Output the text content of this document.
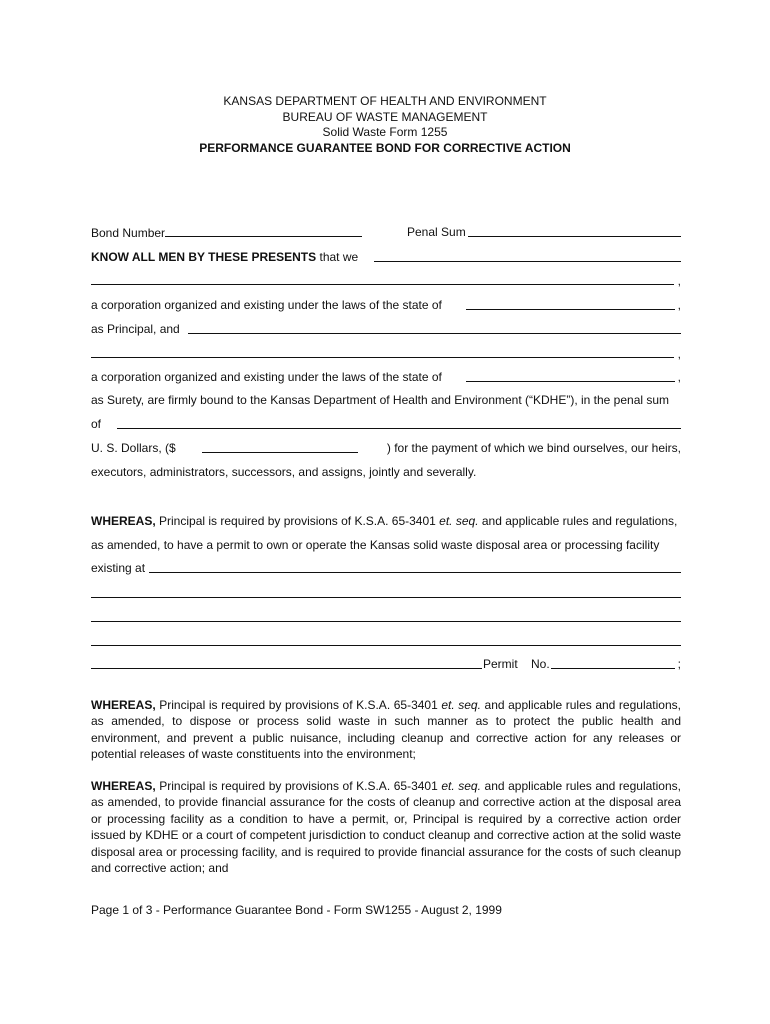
KANSAS DEPARTMENT OF HEALTH AND ENVIRONMENT
BUREAU OF WASTE MANAGEMENT
Solid Waste Form 1255
PERFORMANCE GUARANTEE BOND FOR CORRECTIVE ACTION
Bond Number	Penal Sum
KNOW ALL MEN BY THESE PRESENTS that we
,
a corporation organized and existing under the laws of the state of	,
as Principal, and
,
a corporation organized and existing under the laws of the state of	,
as Surety, are firmly bound to the Kansas Department of Health and Environment (“KDHE”), in the penal sum
of
U. S. Dollars, ($	) for the payment of which we bind ourselves, our heirs,
executors, administrators, successors, and assigns, jointly and severally.
WHEREAS, Principal is required by provisions of K.S.A. 65-3401 et. seq. and applicable rules and regulations,
as amended, to have a permit to own or operate the Kansas solid waste disposal area or processing facility
existing at
Permit No.	;
WHEREAS, Principal is required by provisions of K.S.A. 65-3401 et. seq. and applicable rules and regulations, as amended, to dispose or process solid waste in such manner as to protect the public health and environment, and prevent a public nuisance, including cleanup and corrective action for any releases or potential releases of waste constituents into the environment;
WHEREAS, Principal is required by provisions of K.S.A. 65-3401 et. seq. and applicable rules and regulations, as amended, to provide financial assurance for the costs of cleanup and corrective action at the disposal area or processing facility as a condition to have a permit, or, Principal is required by a corrective action order issued by KDHE or a court of competent jurisdiction to conduct cleanup and corrective action at the solid waste disposal area or processing facility, and is required to provide financial assurance for the costs of such cleanup and corrective action; and
Page 1 of 3 - Performance Guarantee Bond - Form SW1255 - August 2, 1999
